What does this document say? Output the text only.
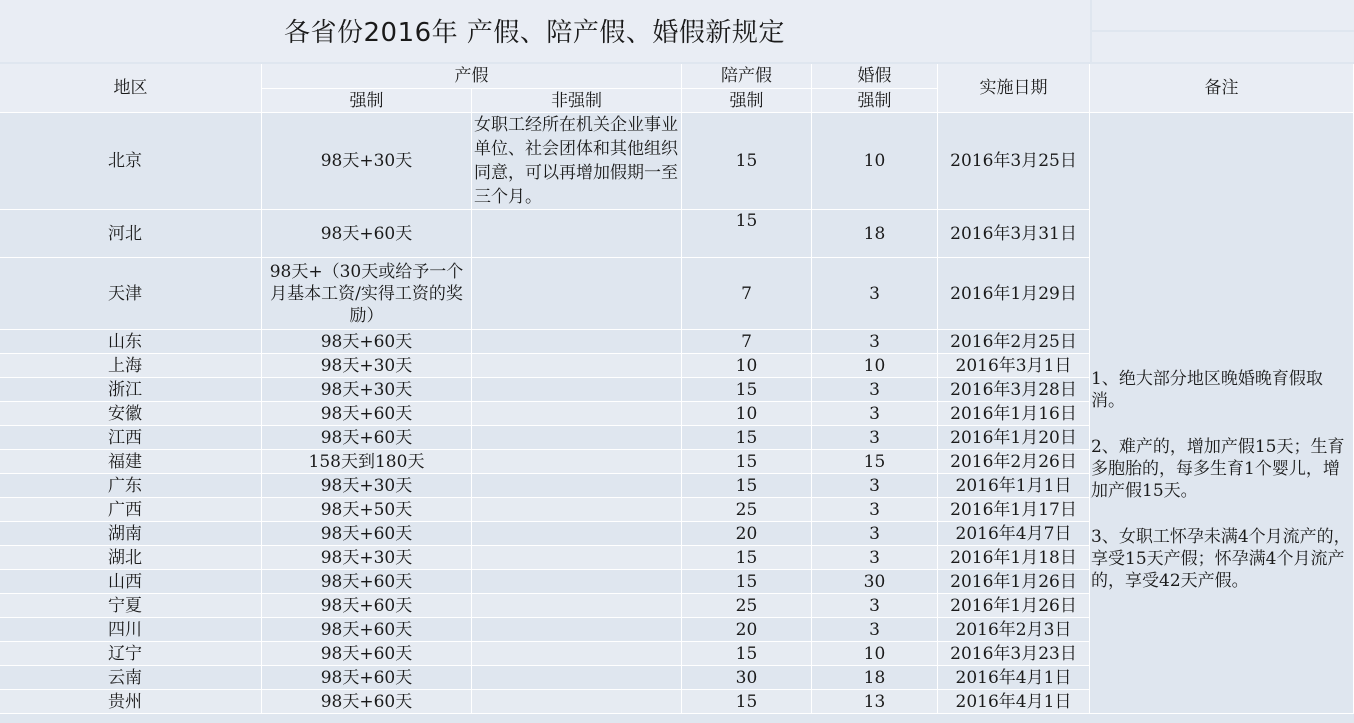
各省份2016年 产假、陪产假、婚假新规定
地区	产假		陪产假	婚假	实施日期	备注
	强制	非强制	强制	强制		
北京	98天+30天	女职工经所在机关企业事业单位、社会团体和其他组织同意，可以再增加假期一至三个月。	15	10	2016年3月25日	1、绝大部分地区晚婚晚育假取消。

2、难产的，增加产假15天；生育多胞胎的，每多生育1个婴儿，增加产假15天。

3、女职工怀孕未满4个月流产的，享受15天产假；怀孕满4个月流产的，享受42天产假。

河北	98天+60天		15	18	2016年3月31日	
天津	98天+（30天或给予一个月基本工资/实得工资的奖励）		7	3	2016年1月29日	
山东	98天+60天		7	3	2016年2月25日	
上海	98天+30天		10	10	2016年3月1日	
浙江	98天+30天		15	3	2016年3月28日	
安徽	98天+60天		10	3	2016年1月16日	
江西	98天+60天		15	3	2016年1月20日	
福建	158天到180天		15	15	2016年2月26日	
广东	98天+30天		15	3	2016年1月1日	
广西	98天+50天		25	3	2016年1月17日	
湖南	98天+60天		20	3	2016年4月7日	
湖北	98天+30天		15	3	2016年1月18日	
山西	98天+60天		15	30	2016年1月26日	
宁夏	98天+60天		25	3	2016年1月26日	
四川	98天+60天		20	3	2016年2月3日	
辽宁	98天+60天		15	10	2016年3月23日	
云南	98天+60天		30	18	2016年4月1日	
贵州	98天+60天		15	13	2016年4月1日	
